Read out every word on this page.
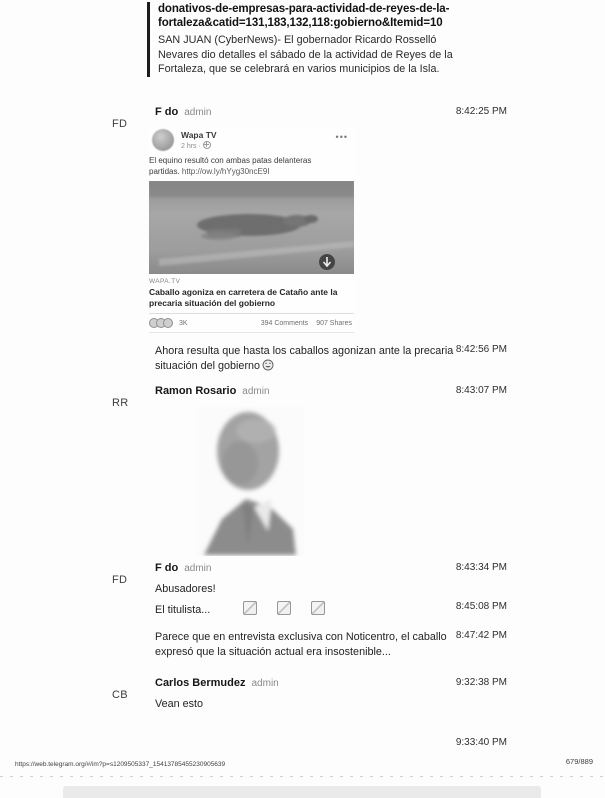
donativos-de-empresas-para-actividad-de-reyes-de-la-fortaleza&catid=131,183,132,118:gobierno&Itemid=10
SAN JUAN (CyberNews)- El gobernador Ricardo Rosselló Nevares dio detalles el sábado de la actividad de Reyes de la Fortaleza, que se celebrará en varios municipios de la Isla.
FD
F do admin	8:42:25 PM
Wapa TV
2 hrs ·
•••
El equino resultó con ambas patas delanteras partidas. http://ow.ly/hYyg30ncE9I
WAPA.TV
Caballo agoniza en carretera de Cataño ante la precaria situación del gobierno
3K	394 Comments 907 Shares
Ahora resulta que hasta los caballos agonizan ante la precaria situación del gobierno
8:42:56 PM
Ramon Rosario admin	8:43:07 PM
RR
F do admin	8:43:34 PM
FD
Abusadores!
El titulista...	8:45:08 PM
Parece que en entrevista exclusiva con Noticentro, el caballo expresó que la situación actual era insostenible...
8:47:42 PM
Carlos Bermudez admin	9:32:38 PM
CB
Vean esto
9:33:40 PM
https://web.telegram.org/#/im?p=s1209505337_15413785455230905639	679/889
